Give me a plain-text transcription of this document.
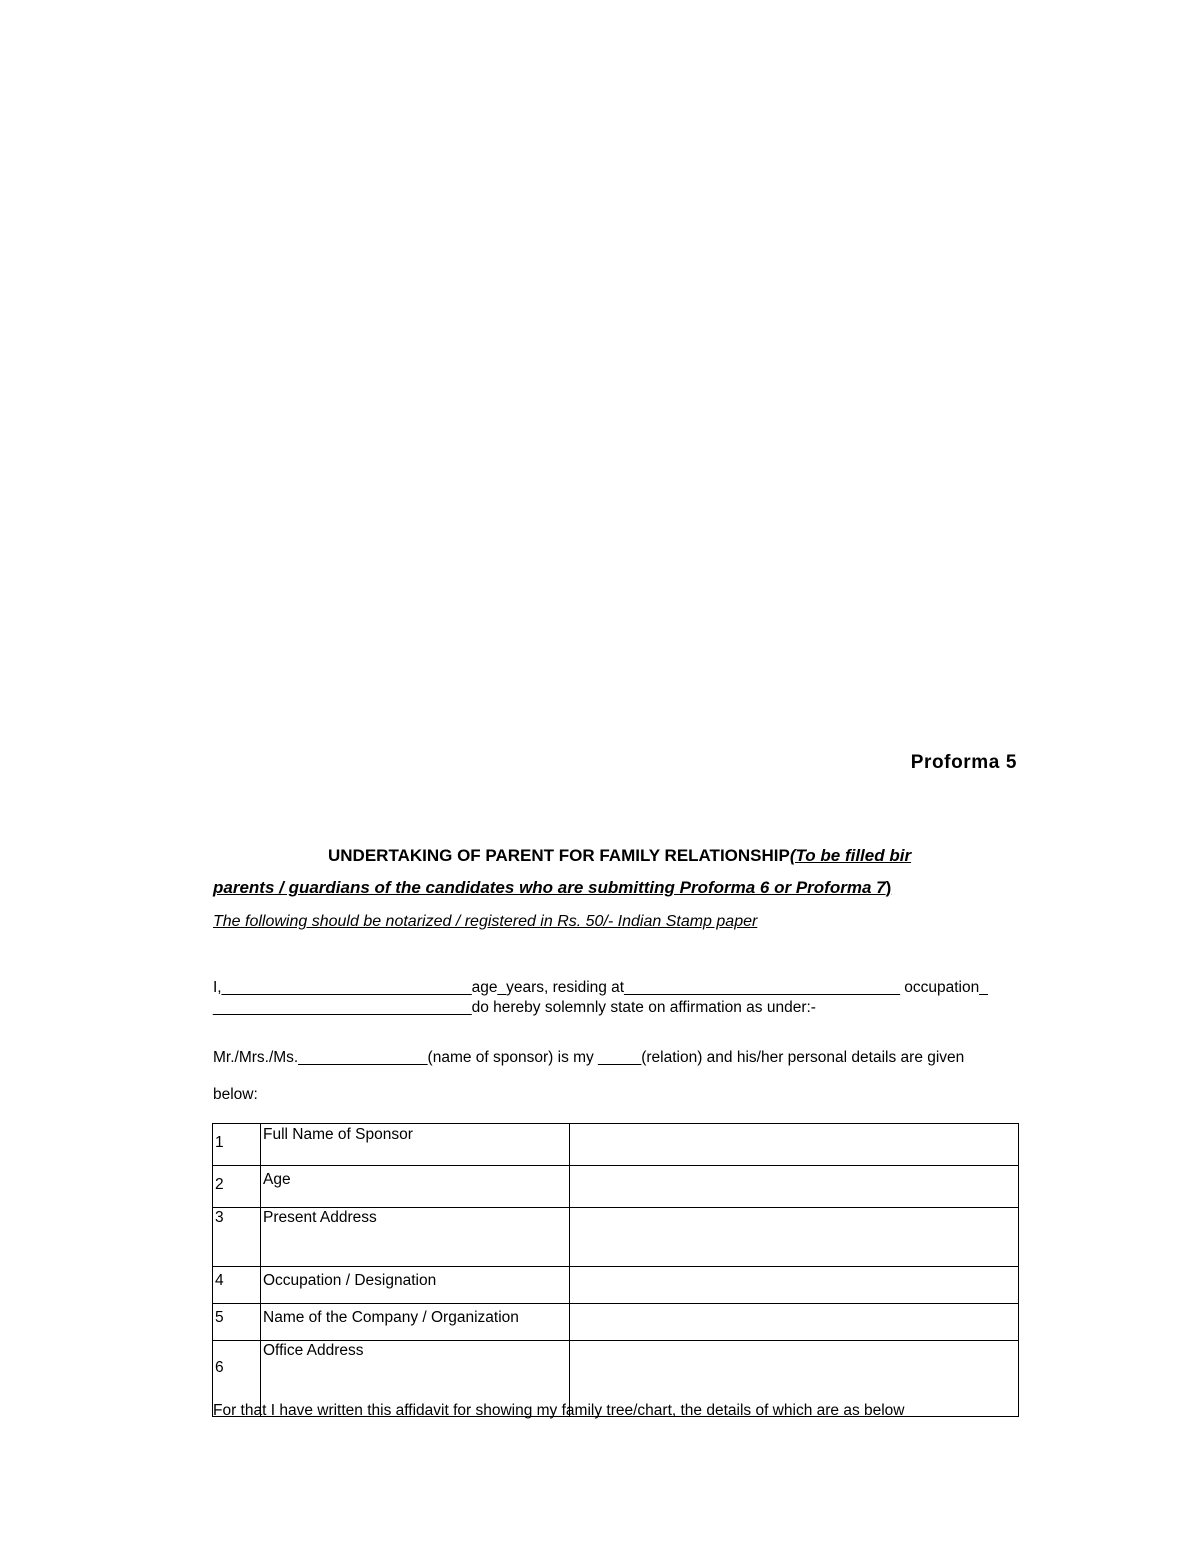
Proforma 5
UNDERTAKING OF PARENT FOR FAMILY RELATIONSHIP(To be filled bir
parents / guardians of the candidates who are submitting Proforma 6 or Proforma 7)
The following should be notarized / registered in Rs. 50/- Indian Stamp paper
I,_____________________________age_years, residing at________________________________ occupation_
______________________________do hereby solemnly state on affirmation as under:-
Mr./Mrs./Ms._______________(name of sponsor) is my _____(relation) and his/her personal details are given
below:
1	Full Name of Sponsor	
2	Age	
3	Present Address	
4	Occupation / Designation	
5	Name of the Company / Organization	
6	Office Address	
For that I have written this affidavit for showing my family tree/chart, the details of which are as below
